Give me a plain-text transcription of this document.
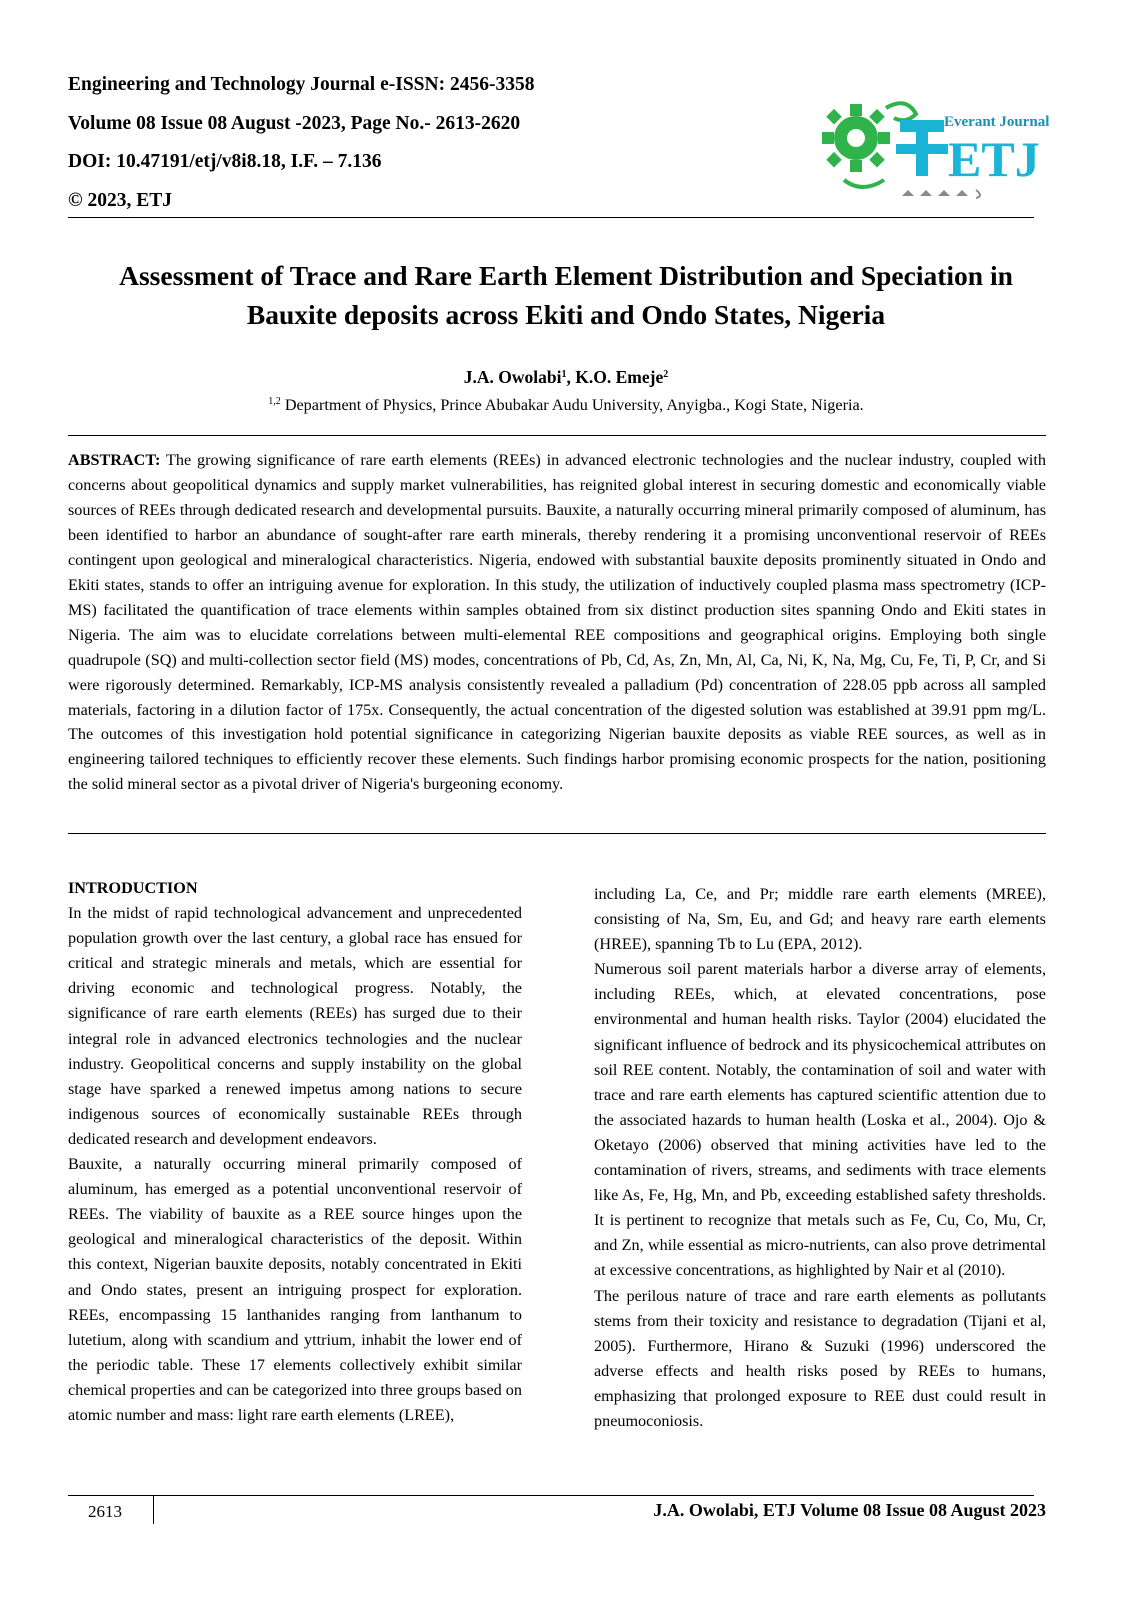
Engineering and Technology Journal e-ISSN: 2456-3358
Volume 08 Issue 08 August -2023, Page No.- 2613-2620
DOI: 10.47191/etj/v8i8.18, I.F. – 7.136
© 2023, ETJ
Everant Journal
ETJ
Assessment of Trace and Rare Earth Element Distribution and Speciation in
Bauxite deposits across Ekiti and Ondo States, Nigeria
J.A. Owolabi$^1$, K.O. Emeje$^2$
$^{1,2}$ Department of Physics, Prince Abubakar Audu University, Anyigba., Kogi State, Nigeria.

ABSTRACT: The growing significance of rare earth elements (REEs) in advanced electronic technologies and the nuclear industry, coupled with concerns about geopolitical dynamics and supply market vulnerabilities, has reignited global interest in securing domestic and economically viable sources of REEs through dedicated research and developmental pursuits. Bauxite, a naturally occurring mineral primarily composed of aluminum, has been identified to harbor an abundance of sought-after rare earth minerals, thereby rendering it a promising unconventional reservoir of REEs contingent upon geological and mineralogical characteristics. Nigeria, endowed with substantial bauxite deposits prominently situated in Ondo and Ekiti states, stands to offer an intriguing avenue for exploration. In this study, the utilization of inductively coupled plasma mass spectrometry (ICP-MS) facilitated the quantification of trace elements within samples obtained from six distinct production sites spanning Ondo and Ekiti states in Nigeria. The aim was to elucidate correlations between multi-elemental REE compositions and geographical origins. Employing both single quadrupole (SQ) and multi-collection sector field (MS) modes, concentrations of Pb, Cd, As, Zn, Mn, Al, Ca, Ni, K, Na, Mg, Cu, Fe, Ti, P, Cr, and Si were rigorously determined. Remarkably, ICP-MS analysis consistently revealed a palladium (Pd) concentration of 228.05 ppb across all sampled materials, factoring in a dilution factor of 175x. Consequently, the actual concentration of the digested solution was established at 39.91 ppm mg/L. The outcomes of this investigation hold potential significance in categorizing Nigerian bauxite deposits as viable REE sources, as well as in engineering tailored techniques to efficiently recover these elements. Such findings harbor promising economic prospects for the nation, positioning the solid mineral sector as a pivotal driver of Nigeria's burgeoning economy.

INTRODUCTION

In the midst of rapid technological advancement and unprecedented population growth over the last century, a global race has ensued for critical and strategic minerals and metals, which are essential for driving economic and technological progress. Notably, the significance of rare earth elements (REEs) has surged due to their integral role in advanced electronics technologies and the nuclear industry. Geopolitical concerns and supply instability on the global stage have sparked a renewed impetus among nations to secure indigenous sources of economically sustainable REEs through dedicated research and development endeavors.

Bauxite, a naturally occurring mineral primarily composed of aluminum, has emerged as a potential unconventional reservoir of REEs. The viability of bauxite as a REE source hinges upon the geological and mineralogical characteristics of the deposit. Within this context, Nigerian bauxite deposits, notably concentrated in Ekiti and Ondo states, present an intriguing prospect for exploration. REEs, encompassing 15 lanthanides ranging from lanthanum to lutetium, along with scandium and yttrium, inhabit the lower end of the periodic table. These 17 elements collectively exhibit similar chemical properties and can be categorized into three groups based on atomic number and mass: light rare earth elements (LREE),

including La, Ce, and Pr; middle rare earth elements (MREE), consisting of Na, Sm, Eu, and Gd; and heavy rare earth elements (HREE), spanning Tb to Lu (EPA, 2012).

Numerous soil parent materials harbor a diverse array of elements, including REEs, which, at elevated concentrations, pose environmental and human health risks. Taylor (2004) elucidated the significant influence of bedrock and its physicochemical attributes on soil REE content. Notably, the contamination of soil and water with trace and rare earth elements has captured scientific attention due to the associated hazards to human health (Loska et al., 2004). Ojo & Oketayo (2006) observed that mining activities have led to the contamination of rivers, streams, and sediments with trace elements like As, Fe, Hg, Mn, and Pb, exceeding established safety thresholds. It is pertinent to recognize that metals such as Fe, Cu, Co, Mu, Cr, and Zn, while essential as micro-nutrients, can also prove detrimental at excessive concentrations, as highlighted by Nair et al (2010).

The perilous nature of trace and rare earth elements as pollutants stems from their toxicity and resistance to degradation (Tijani et al, 2005). Furthermore, Hirano & Suzuki (1996) underscored the adverse effects and health risks posed by REEs to humans, emphasizing that prolonged exposure to REE dust could result in pneumoconiosis.

2613	J.A. Owolabi, ETJ Volume 08 Issue 08 August 2023
